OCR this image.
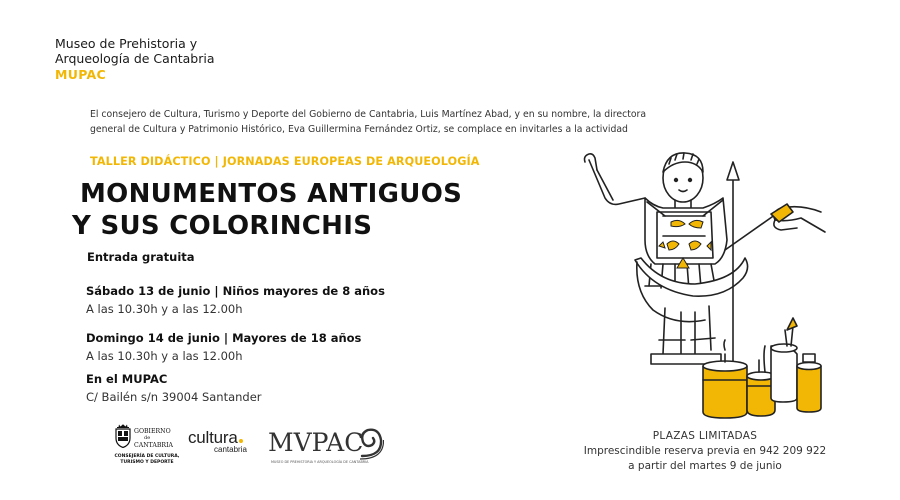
Museo de Prehistoria y
Arqueología de Cantabria
MUPAC
El consejero de Cultura, Turismo y Deporte del Gobierno de Cantabria, Luis Martínez Abad, y en su nombre, la directora
general de Cultura y Patrimonio Histórico, Eva Guillermina Fernández Ortiz, se complace en invitarles a la actividad
TALLER DIDÁCTICO | JORNADAS EUROPEAS DE ARQUEOLOGÍA
MONUMENTOS ANTIGUOS
Y SUS COLORINCHIS
Entrada gratuita
Sábado 13 de junio | Niños mayores de 8 años
A las 10.30h y a las 12.00h
Domingo 14 de junio | Mayores de 18 años
A las 10.30h y a las 12.00h
En el MUPAC
C/ Bailén s/n 39004 Santander
GOBIERNO
de
CANTABRIA
CONSEJERÍA DE CULTURA,
TURISMO Y DEPORTE
cultura
cantabria MVPAC
MUSEO DE PREHISTORIA Y ARQUEOLOGÍA DE CANTABRIA
PLAZAS LIMITADAS
Imprescindible reserva previa en 942 209 922
a partir del martes 9 de junio
